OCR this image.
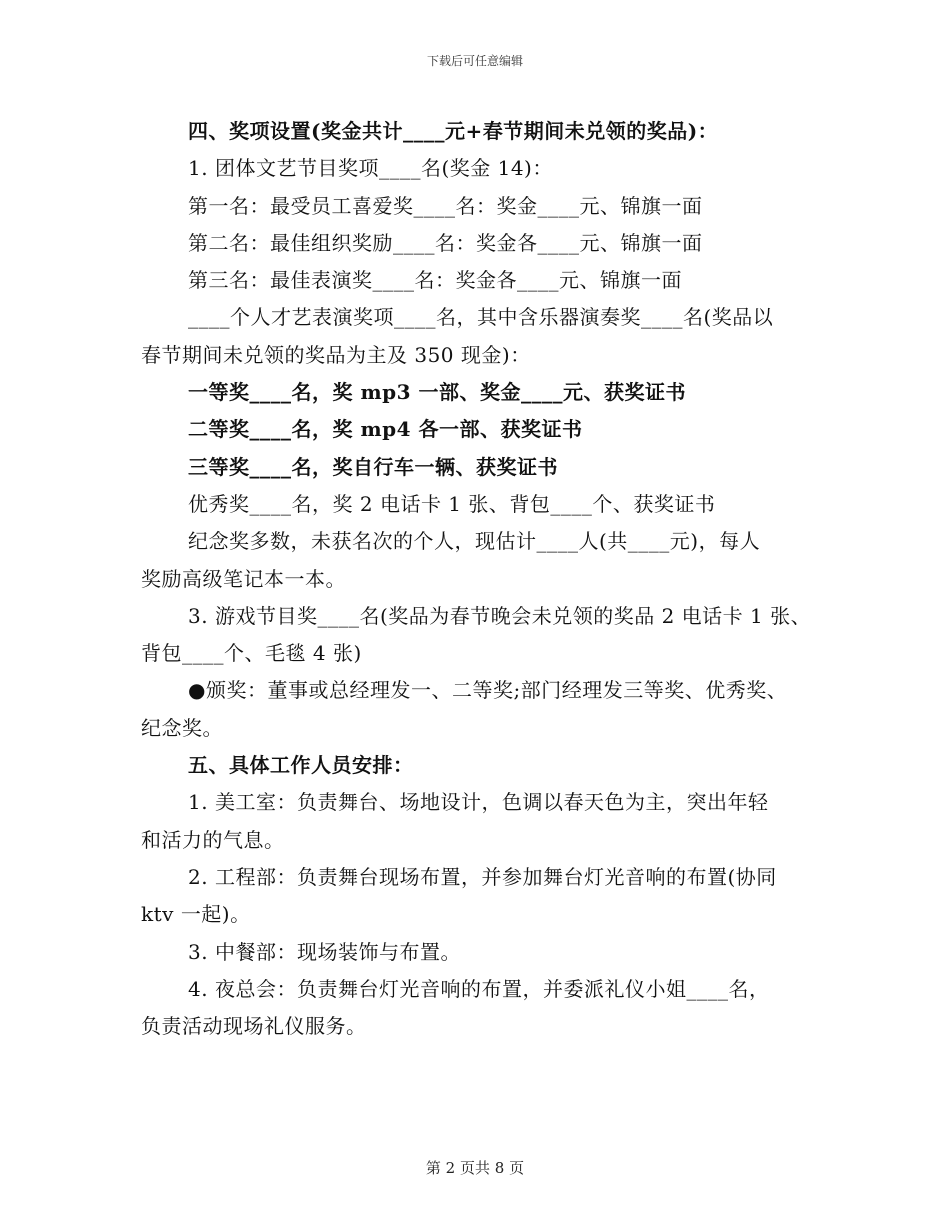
下载后可任意编辑
四、奖项设置(奖金共计____元+春节期间未兑领的奖品)：
1. 团体文艺节目奖项____名(奖金 14)：
第一名：最受员工喜爱奖____名：奖金____元、锦旗一面
第二名：最佳组织奖励____名：奖金各____元、锦旗一面
第三名：最佳表演奖____名：奖金各____元、锦旗一面
____个人才艺表演奖项____名，其中含乐器演奏奖____名(奖品以
春节期间未兑领的奖品为主及 350 现金)：
一等奖____名，奖 mp3 一部、奖金____元、获奖证书
二等奖____名，奖 mp4 各一部、获奖证书
三等奖____名，奖自行车一辆、获奖证书
优秀奖____名，奖 2 电话卡 1 张、背包____个、获奖证书
纪念奖多数，未获名次的个人，现估计____人(共____元)，每人
奖励高级笔记本一本。
3. 游戏节目奖____名(奖品为春节晚会未兑领的奖品 2 电话卡 1 张、
背包____个、毛毯 4 张)
●颁奖：董事或总经理发一、二等奖;部门经理发三等奖、优秀奖、
纪念奖。
五、具体工作人员安排：
1. 美工室：负责舞台、场地设计，色调以春天色为主，突出年轻
和活力的气息。
2. 工程部：负责舞台现场布置，并参加舞台灯光音响的布置(协同
ktv 一起)。
3. 中餐部：现场装饰与布置。
4. 夜总会：负责舞台灯光音响的布置，并委派礼仪小姐____名，
负责活动现场礼仪服务。
第 2 页共 8 页
